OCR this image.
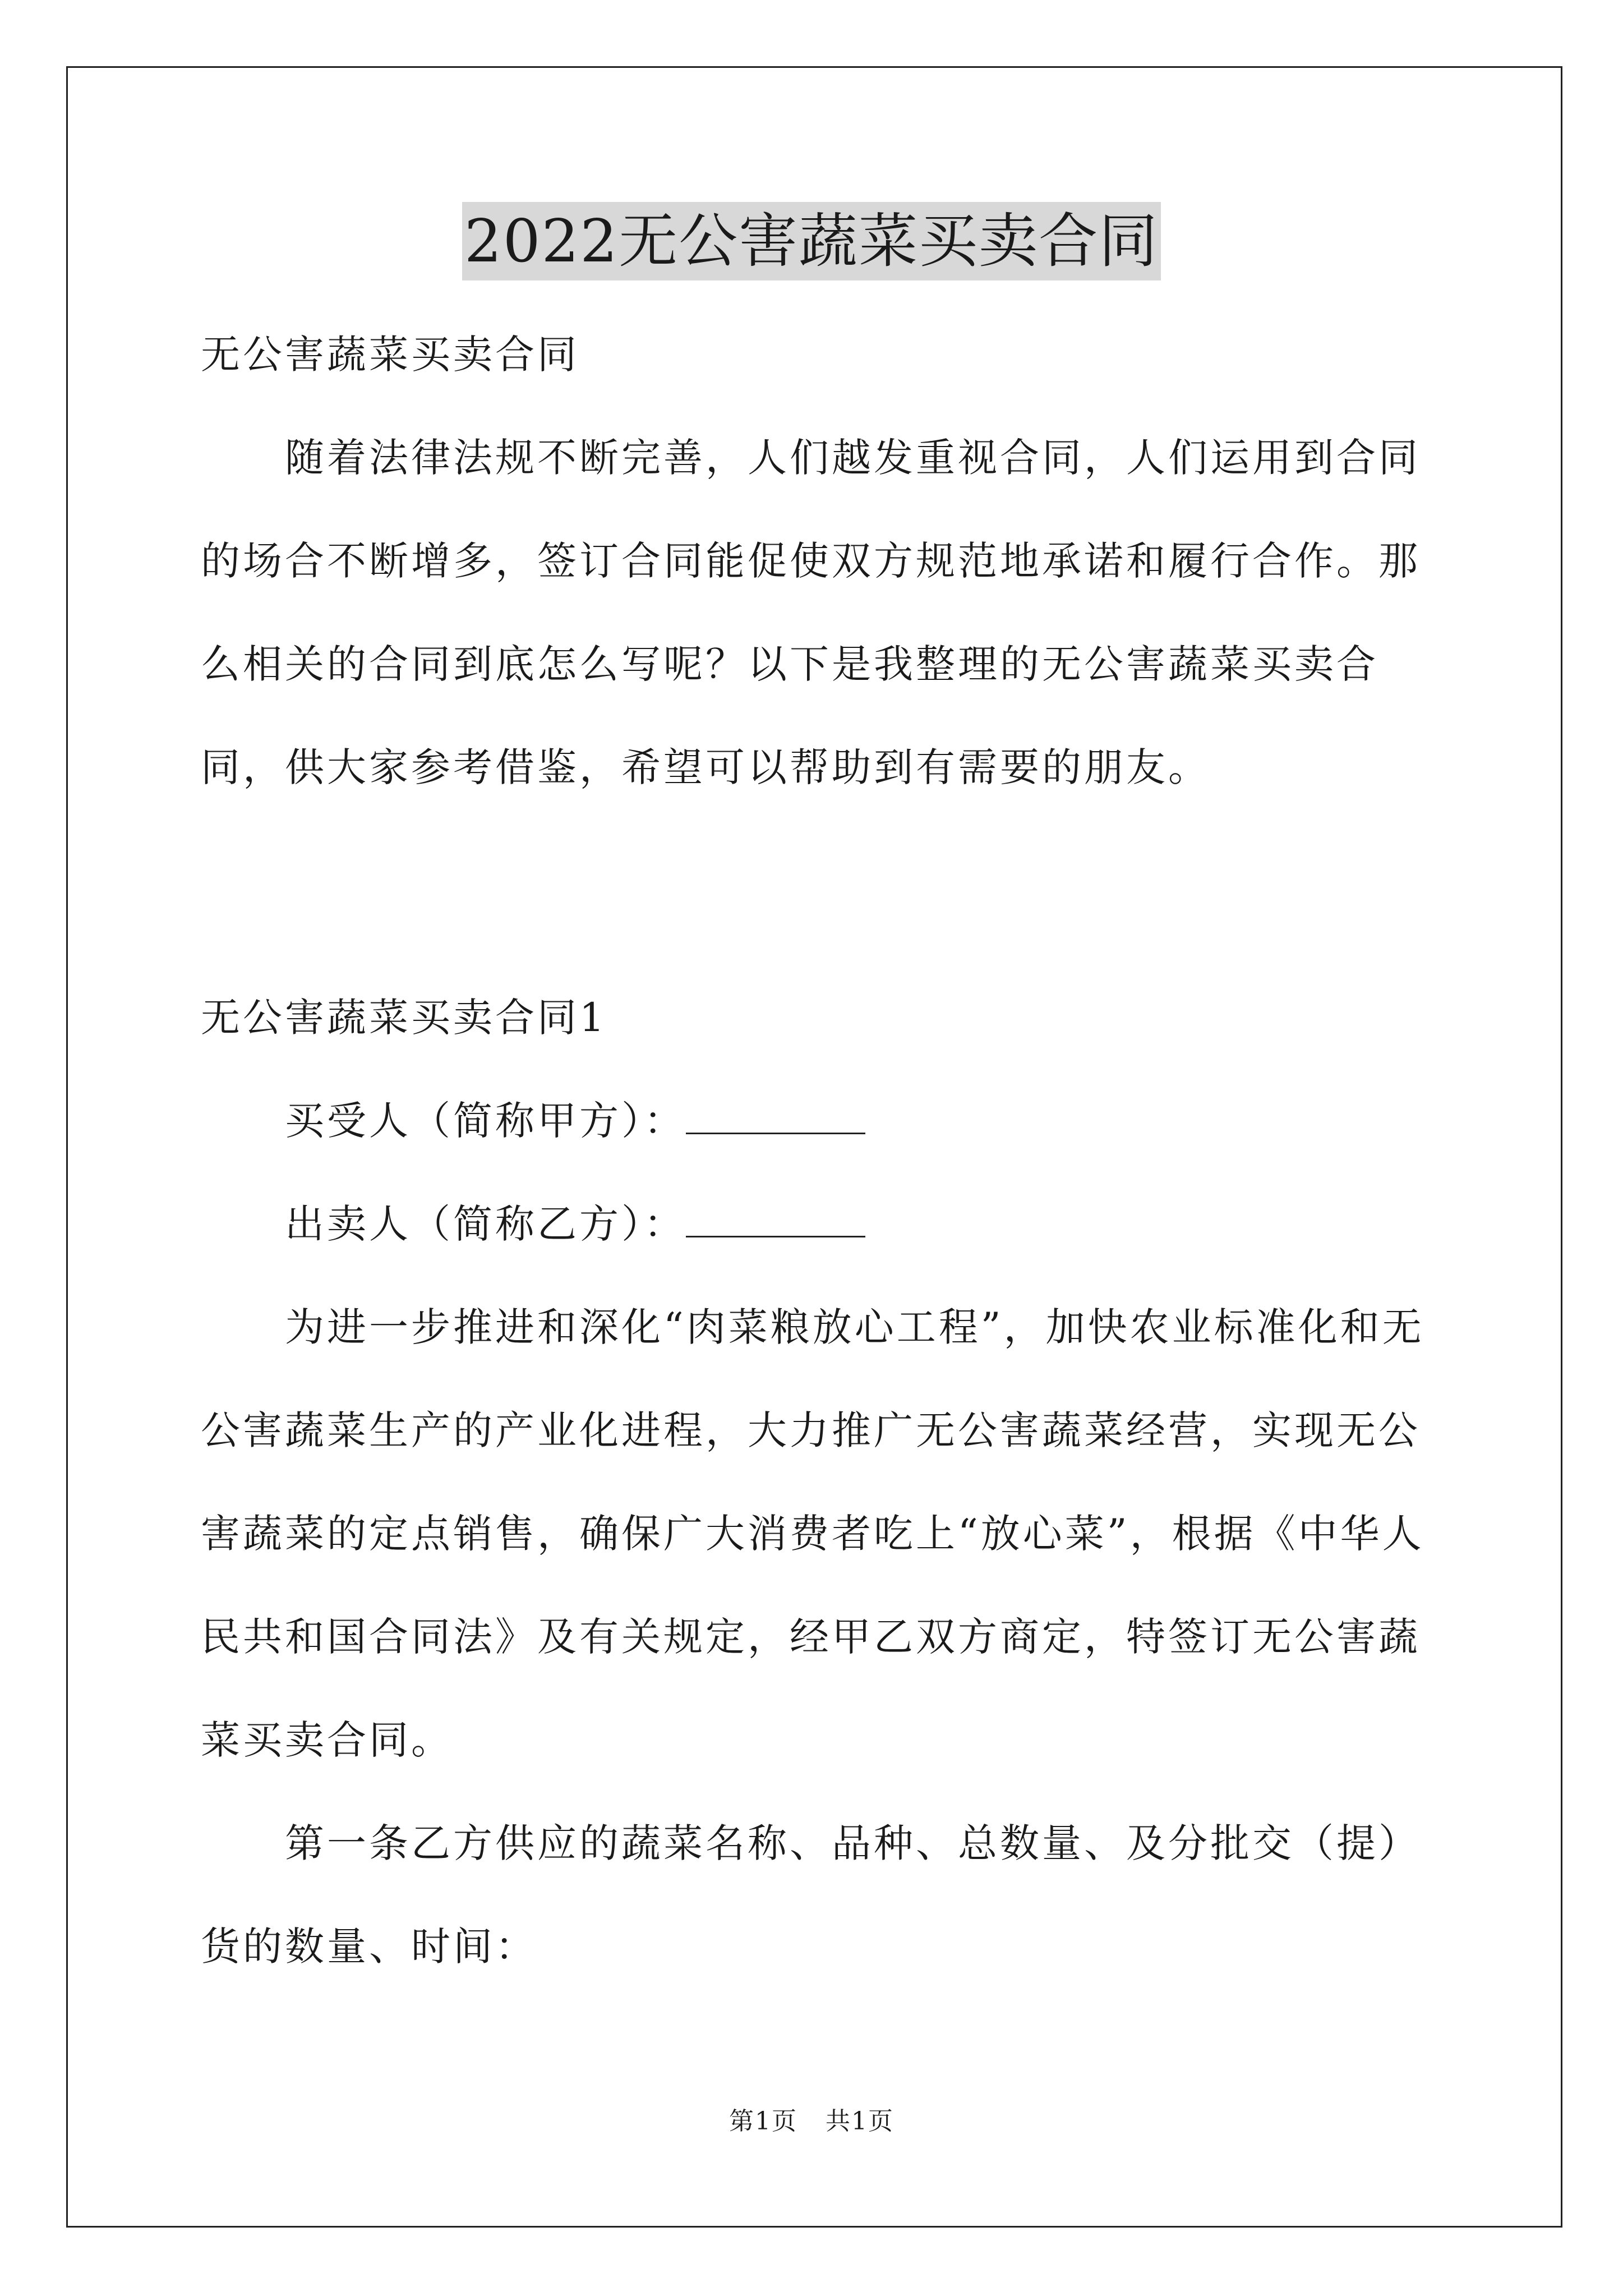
2022无公害蔬菜买卖合同

无公害蔬菜买卖合同

随着法律法规不断完善，人们越发重视合同，人们运用到合同的场合不断增多，签订合同能促使双方规范地承诺和履行合作。那么相关的合同到底怎么写呢？以下是我整理的无公害蔬菜买卖合同，供大家参考借鉴，希望可以帮助到有需要的朋友。

无公害蔬菜买卖合同1

买受人（简称甲方）：

出卖人（简称乙方）：

为进一步推进和深化“肉菜粮放心工程”，加快农业标准化和无公害蔬菜生产的产业化进程，大力推广无公害蔬菜经营，实现无公害蔬菜的定点销售，确保广大消费者吃上“放心菜”，根据《中华人民共和国合同法》及有关规定，经甲乙双方商定，特签订无公害蔬菜买卖合同。

第一条乙方供应的蔬菜名称、品种、总数量、及分批交（提）货的数量、时间：

第1页 共1页
